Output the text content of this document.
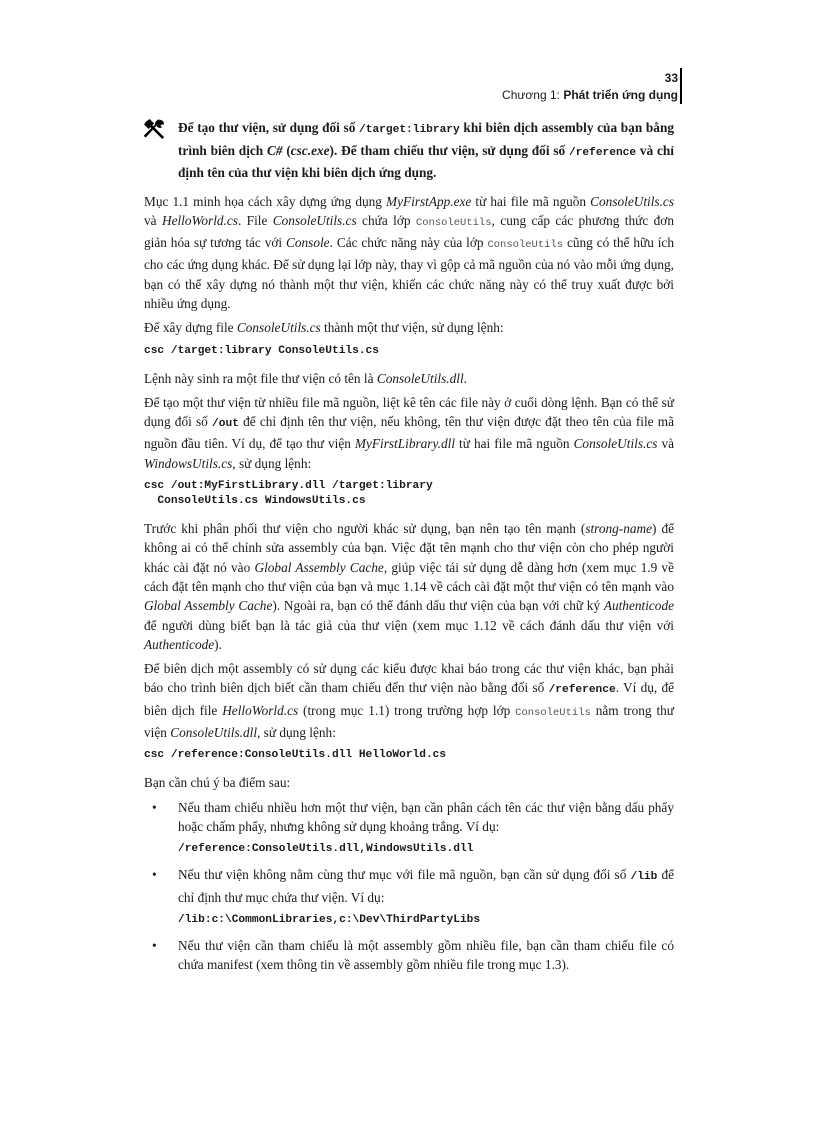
33
Chương 1: Phát triển ứng dụng
Để tạo thư viện, sử dụng đối số /target:library khi biên dịch assembly của bạn bằng trình biên dịch C# (csc.exe). Để tham chiếu thư viện, sử dụng đối số /reference và chỉ định tên của thư viện khi biên dịch ứng dụng.

Mục 1.1 minh họa cách xây dựng ứng dụng MyFirstApp.exe từ hai file mã nguồn ConsoleUtils.cs và HelloWorld.cs. File ConsoleUtils.cs chứa lớp ConsoleUtils, cung cấp các phương thức đơn giản hóa sự tương tác với Console. Các chức năng này của lớp ConsoleUtils cũng có thể hữu ích cho các ứng dụng khác. Để sử dụng lại lớp này, thay vì gộp cả mã nguồn của nó vào mỗi ứng dụng, bạn có thể xây dựng nó thành một thư viện, khiến các chức năng này có thể truy xuất được bởi nhiều ứng dụng.

Để xây dựng file ConsoleUtils.cs thành một thư viện, sử dụng lệnh:

csc /target:library ConsoleUtils.cs

Lệnh này sinh ra một file thư viện có tên là ConsoleUtils.dll.

Để tạo một thư viện từ nhiều file mã nguồn, liệt kê tên các file này ở cuối dòng lệnh. Bạn có thể sử dụng đối số /out để chỉ định tên thư viện, nếu không, tên thư viện được đặt theo tên của file mã nguồn đầu tiên. Ví dụ, để tạo thư viện MyFirstLibrary.dll từ hai file mã nguồn ConsoleUtils.cs và WindowsUtils.cs, sử dụng lệnh:

csc /out:MyFirstLibrary.dll /target:library
ConsoleUtils.cs WindowsUtils.cs

Trước khi phân phối thư viện cho người khác sử dụng, bạn nên tạo tên mạnh (strong-name) để không ai có thể chỉnh sửa assembly của bạn. Việc đặt tên mạnh cho thư viện còn cho phép người khác cài đặt nó vào Global Assembly Cache, giúp việc tái sử dụng dễ dàng hơn (xem mục 1.9 về cách đặt tên mạnh cho thư viện của bạn và mục 1.14 về cách cài đặt một thư viện có tên mạnh vào Global Assembly Cache). Ngoài ra, bạn có thể đánh dấu thư viện của bạn với chữ ký Authenticode để người dùng biết bạn là tác giả của thư viện (xem mục 1.12 về cách đánh dấu thư viện với Authenticode).

Để biên dịch một assembly có sử dụng các kiểu được khai báo trong các thư viện khác, bạn phải báo cho trình biên dịch biết cần tham chiếu đến thư viện nào bằng đối số /reference. Ví dụ, để biên dịch file HelloWorld.cs (trong mục 1.1) trong trường hợp lớp ConsoleUtils nằm trong thư viện ConsoleUtils.dll, sử dụng lệnh:

csc /reference:ConsoleUtils.dll HelloWorld.cs

Bạn cần chú ý ba điểm sau:

• Nếu tham chiếu nhiều hơn một thư viện, bạn cần phân cách tên các thư viện bằng dấu phẩy hoặc chấm phẩy, nhưng không sử dụng khoảng trắng. Ví dụ:
/reference:ConsoleUtils.dll,WindowsUtils.dll
• Nếu thư viện không nằm cùng thư mục với file mã nguồn, bạn cần sử dụng đối số /lib để chỉ định thư mục chứa thư viện. Ví dụ:
/lib:c:\CommonLibraries,c:\Dev\ThirdPartyLibs
• Nếu thư viện cần tham chiếu là một assembly gồm nhiều file, bạn cần tham chiếu file có chứa manifest (xem thông tin về assembly gồm nhiều file trong mục 1.3).
